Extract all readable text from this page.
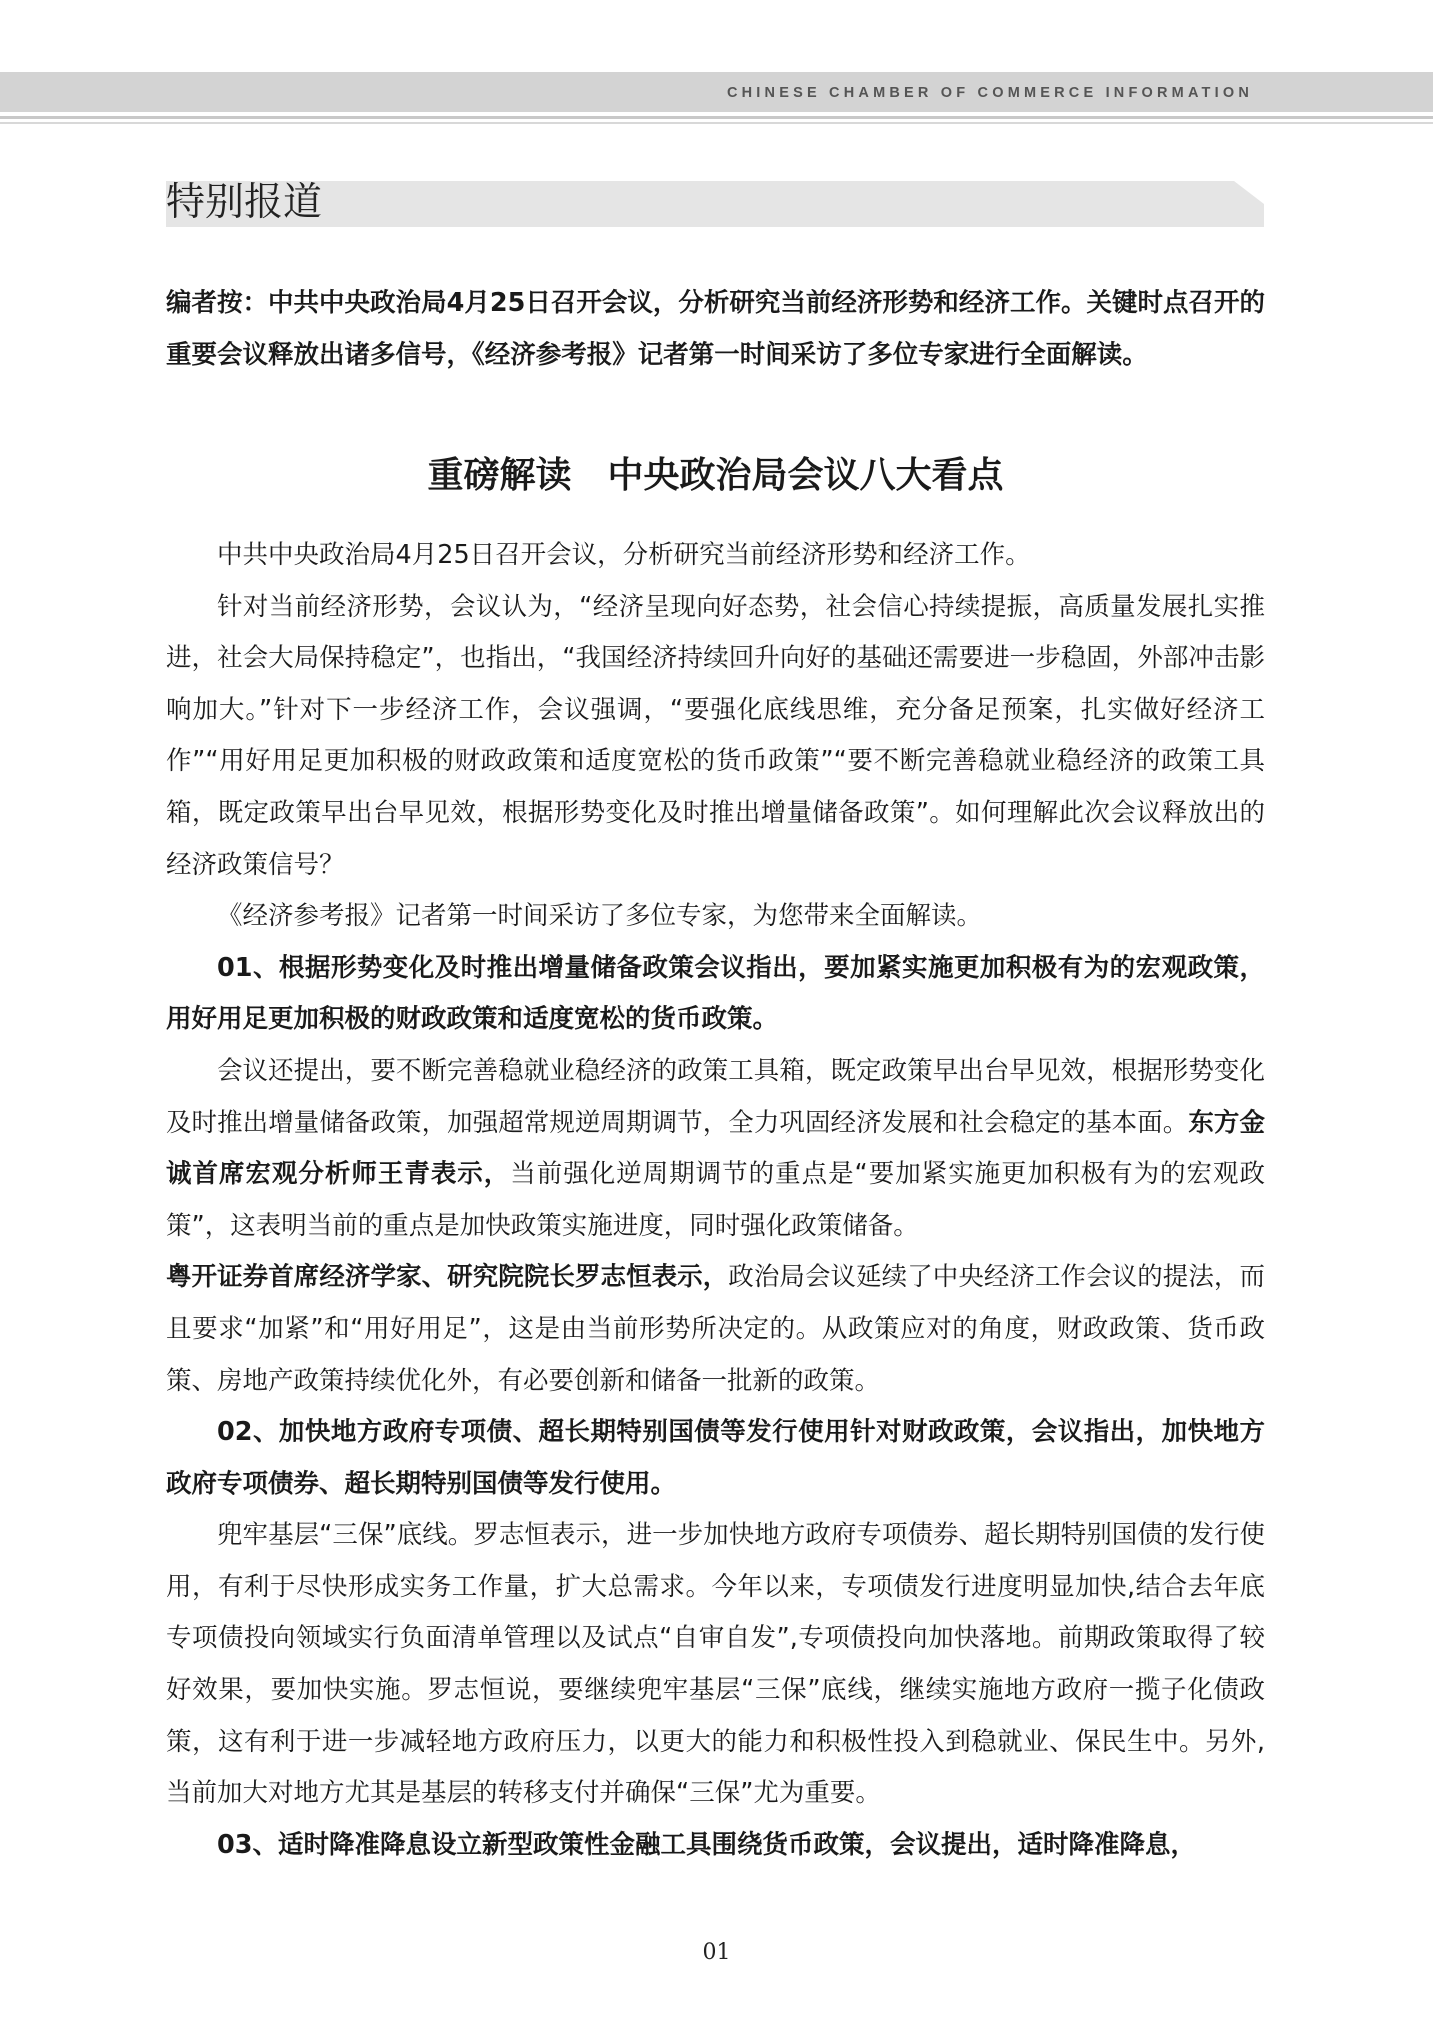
CHINESE CHAMBER OF COMMERCE INFORMATION
特别报道
编者按：中共中央政治局4月25日召开会议，分析研究当前经济形势和经济工作。关键时点召开的重要会议释放出诸多信号，《经济参考报》记者第一时间采访了多位专家进行全面解读。
重磅解读　中央政治局会议八大看点

中共中央政治局4月25日召开会议，分析研究当前经济形势和经济工作。

针对当前经济形势，会议认为，“经济呈现向好态势，社会信心持续提振，高质量发展扎实推进，社会大局保持稳定”，也指出，“我国经济持续回升向好的基础还需要进一步稳固，外部冲击影响加大。”针对下一步经济工作，会议强调，“要强化底线思维，充分备足预案，扎实做好经济工作”“用好用足更加积极的财政政策和适度宽松的货币政策”“要不断完善稳就业稳经济的政策工具箱，既定政策早出台早见效，根据形势变化及时推出增量储备政策”。如何理解此次会议释放出的经济政策信号？

《经济参考报》记者第一时间采访了多位专家，为您带来全面解读。

01、根据形势变化及时推出增量储备政策会议指出，要加紧实施更加积极有为的宏观政策，用好用足更加积极的财政政策和适度宽松的货币政策。

会议还提出，要不断完善稳就业稳经济的政策工具箱，既定政策早出台早见效，根据形势变化及时推出增量储备政策，加强超常规逆周期调节，全力巩固经济发展和社会稳定的基本面。东方金诚首席宏观分析师王青表示，当前强化逆周期调节的重点是“要加紧实施更加积极有为的宏观政策”，这表明当前的重点是加快政策实施进度，同时强化政策储备。
粤开证券首席经济学家、研究院院长罗志恒表示，政治局会议延续了中央经济工作会议的提法，而且要求“加紧”和“用好用足”，这是由当前形势所决定的。从政策应对的角度，财政政策、货币政策、房地产政策持续优化外，有必要创新和储备一批新的政策。

02、加快地方政府专项债、超长期特别国债等发行使用针对财政政策，会议指出，加快地方政府专项债券、超长期特别国债等发行使用。

兜牢基层“三保”底线。罗志恒表示，进一步加快地方政府专项债券、超长期特别国债的发行使用，有利于尽快形成实务工作量，扩大总需求。今年以来，专项债发行进度明显加快,结合去年底专项债投向领域实行负面清单管理以及试点“自审自发”,专项债投向加快落地。前期政策取得了较好效果，要加快实施。罗志恒说，要继续兜牢基层“三保”底线，继续实施地方政府一揽子化债政策，这有利于进一步减轻地方政府压力，以更大的能力和积极性投入到稳就业、保民生中。另外,当前加大对地方尤其是基层的转移支付并确保“三保”尤为重要。

03、适时降准降息设立新型政策性金融工具围绕货币政策，会议提出，适时降准降息，

01
